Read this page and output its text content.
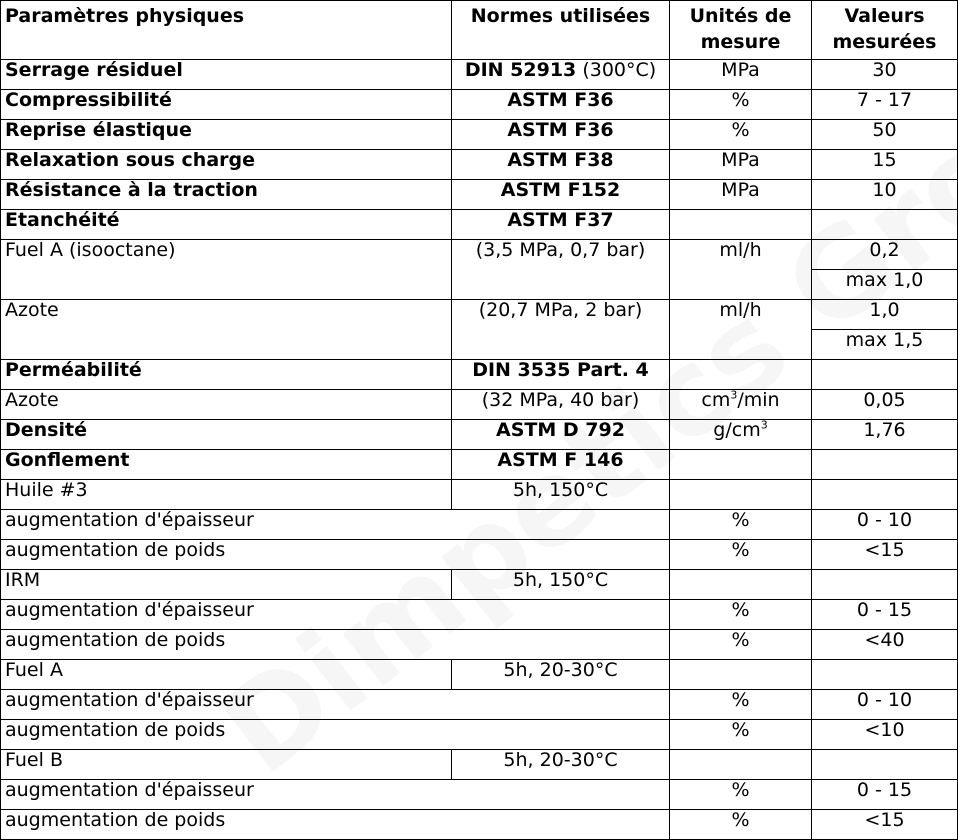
Paramètres physiques	Normes utilisées	Unités de mesure	Valeurs mesurées
Serrage résiduel	DIN 52913 (300°C)	MPa	30
Compressibilité	ASTM F36	%	7 - 17
Reprise élastique	ASTM F36	%	50
Relaxation sous charge	ASTM F38	MPa	15
Résistance à la traction	ASTM F152	MPa	10
Etanchéité	ASTM F37		
Fuel A (isooctane)	(3,5 MPa, 0,7 bar)	ml/h	0,2
			max 1,0
Azote	(20,7 MPa, 2 bar)	ml/h	1,0
			max 1,5
Perméabilité	DIN 3535 Part. 4		
Azote	(32 MPa, 40 bar)	$cm^3/\min$	0,05
Densité	ASTM D 792	$g/cm^3$	1,76
Gonflement	ASTM F 146		
Huile #3	5h, 150°C		
augmentation d'épaisseur		%	0 - 10
augmentation de poids		%	<15
IRM	5h, 150°C		
augmentation d'épaisseur		%	0 - 15
augmentation de poids		%	<40
Fuel A	5h, 20-30°C		
augmentation d'épaisseur		%	0 - 10
augmentation de poids		%	<10
Fuel B	5h, 20-30°C		
augmentation d'épaisseur		%	0 - 15
augmentation de poids		%	<15
